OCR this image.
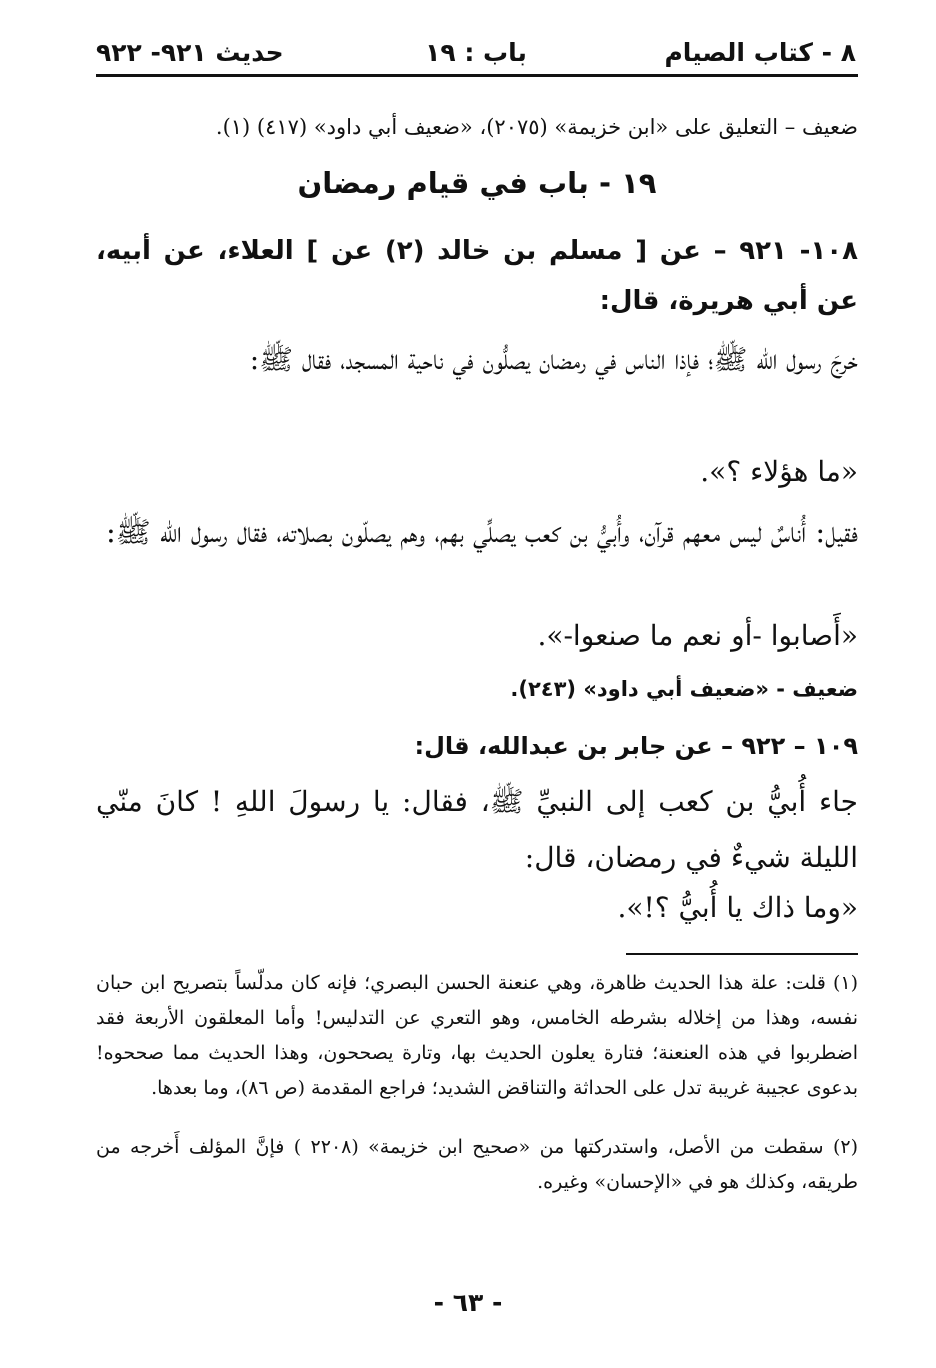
٨ - كتاب الصيام
باب : ١٩
حديث ٩٢١- ٩٢٢
ضعيف – التعليق على «ابن خزيمة» (٢٠٧٥)، «ضعيف أبي داود» (٤١٧) (١).
١٩ - باب في قيام رمضان
١٠٨- ٩٢١ – عن [ مسلم بن خالد (٢) عن ] العلاء، عن أبيه، عن أبي هريرة، قال:
خرجَ رسول الله ﷺ؛ فإذا الناس في رمضان يصلُّون في ناحية المسجد، فقال ﷺ:
«ما هؤلاء ؟».
فقيل: أُناسٌ ليس معهم قرآن، وأُبيُّ بن كعب يصلِّي بهم، وهم يصلّون بصلاته، فقال رسول الله ﷺ:
«أَصابوا -أو نعم ما صنعوا-».
ضعيف - «ضعيف أبي داود» (٢٤٣).
١٠٩ – ٩٢٢ – عن جابر بن عبدالله، قال:
جاء أُبيُّ بن كعب إلى النبيِّ ﷺ، فقال: يا رسولَ اللهِ ! كانَ منّي الليلة شيءٌ في رمضان، قال:
«وما ذاك يا أُبيُّ ؟!».
(١) قلت: علة هذا الحديث ظاهرة، وهي عنعنة الحسن البصري؛ فإنه كان مدلّساً بتصريح ابن حبان نفسه، وهذا من إخلاله بشرطه الخامس، وهو التعري عن التدليس! وأما المعلقون الأربعة فقد اضطربوا في هذه العنعنة؛ فتارة يعلون الحديث بها، وتارة يصححون، وهذا الحديث مما صححوه! بدعوى عجيبة غريبة تدل على الحداثة والتناقض الشديد؛ فراجع المقدمة (ص ٨٦)، وما بعدها.
(٢) سقطت من الأصل، واستدركتها من «صحيح ابن خزيمة» (٢٢٠٨ ) فإنَّ المؤلف أَخرجه من طريقه، وكذلك هو في «الإحسان» وغيره.
- ٦٣ -
